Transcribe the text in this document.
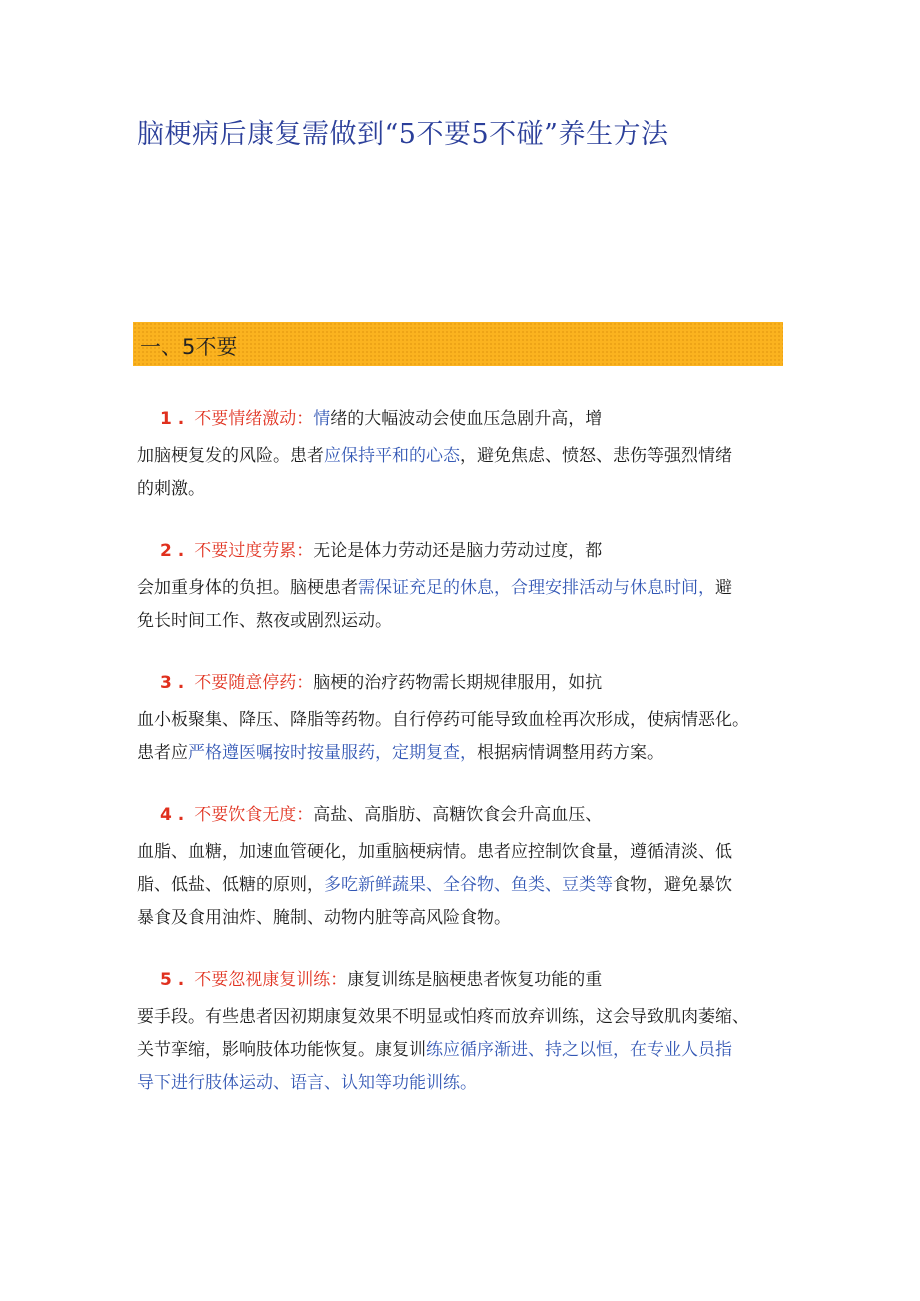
脑梗病后康复需做到“5不要5不碰”养生方法
一、5不要
1 . 不要情绪激动：情绪的大幅波动会使血压急剧升高，增
加脑梗复发的风险。患者应保持平和的心态，避免焦虑、愤怒、悲伤等强烈情绪
的刺激。
2 . 不要过度劳累：无论是体力劳动还是脑力劳动过度，都
会加重身体的负担。脑梗患者需保证充足的休息，合理安排活动与休息时间，避
免长时间工作、熬夜或剧烈运动。
3 . 不要随意停药：脑梗的治疗药物需长期规律服用，如抗
血小板聚集、降压、降脂等药物。自行停药可能导致血栓再次形成，使病情恶化。
患者应严格遵医嘱按时按量服药，定期复查，根据病情调整用药方案。
4 . 不要饮食无度：高盐、高脂肪、高糖饮食会升高血压、
血脂、血糖，加速血管硬化，加重脑梗病情。患者应控制饮食量，遵循清淡、低
脂、低盐、低糖的原则，多吃新鲜蔬果、全谷物、鱼类、豆类等食物，避免暴饮
暴食及食用油炸、腌制、动物内脏等高风险食物。
5 . 不要忽视康复训练：康复训练是脑梗患者恢复功能的重
要手段。有些患者因初期康复效果不明显或怕疼而放弃训练，这会导致肌肉萎缩、
关节挛缩，影响肢体功能恢复。康复训练应循序渐进、持之以恒，在专业人员指
导下进行肢体运动、语言、认知等功能训练。
